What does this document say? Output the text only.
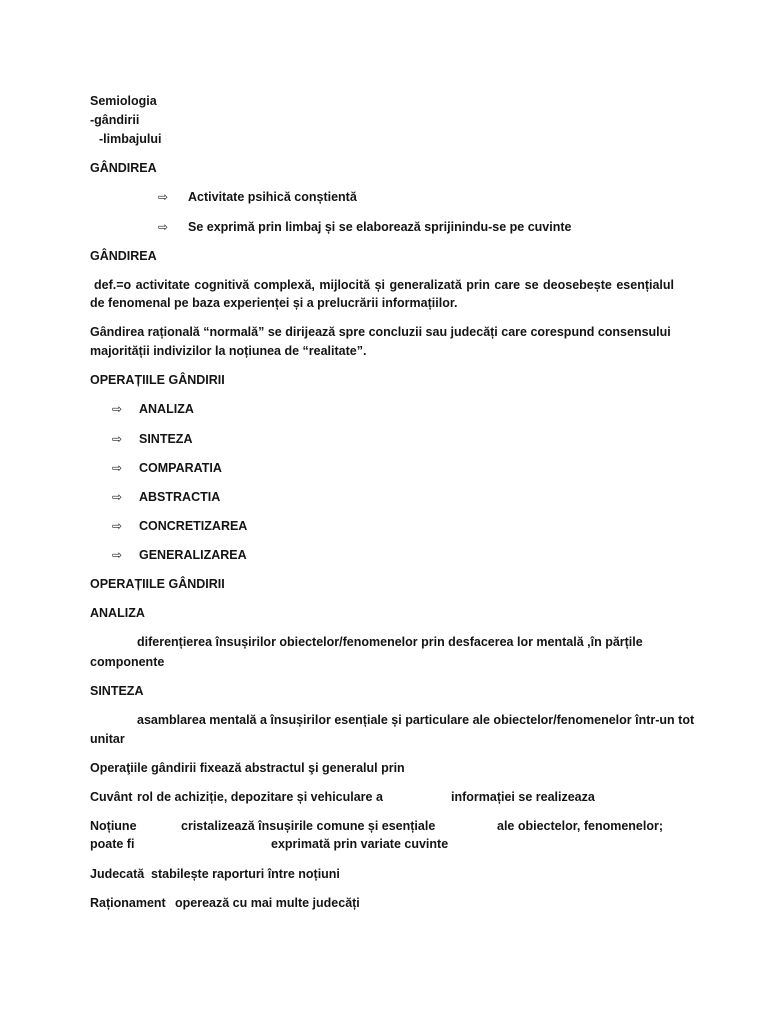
Semiologia
-gândirii
-limbajului
GÂNDIREA
⇨ Activitate psihică conștientă
⇨ Se exprimă prin limbaj și se elaborează sprijinindu-se pe cuvinte
GÂNDIREA
def.=o activitate cognitivă complexă, mijlocită și generalizată prin care se deosebește esențialul
de fenomenal pe baza experienței și a prelucrării informațiilor.
Gândirea rațională “normală” se dirijează spre concluzii sau judecăți care corespund consensului
majorității indivizilor la noțiunea de “realitate”.
OPERAȚIILE GÂNDIRII
⇨ ANALIZA
⇨ SINTEZA
⇨ COMPARATIA
⇨ ABSTRACTIA
⇨ CONCRETIZAREA
⇨ GENERALIZAREA
OPERAȚIILE GÂNDIRII
ANALIZA
diferențierea însușirilor obiectelor/fenomenelor prin desfacerea lor mentală ,în părțile
componente
SINTEZA
asamblarea mentală a însușirilor esențiale și particulare ale obiectelor/fenomenelor într-un tot
unitar
Operaţiile gândirii fixează abstractul şi generalul prin
Cuvânt rol de achiziție, depozitare și vehiculare a	informației se realizeaza
Noțiune	cristalizează însușirile comune și esențiale	ale obiectelor, fenomenelor;
poate fi	exprimată prin variate cuvinte
Judecată stabilește raporturi între noțiuni
Raționament operează cu mai multe judecăți
